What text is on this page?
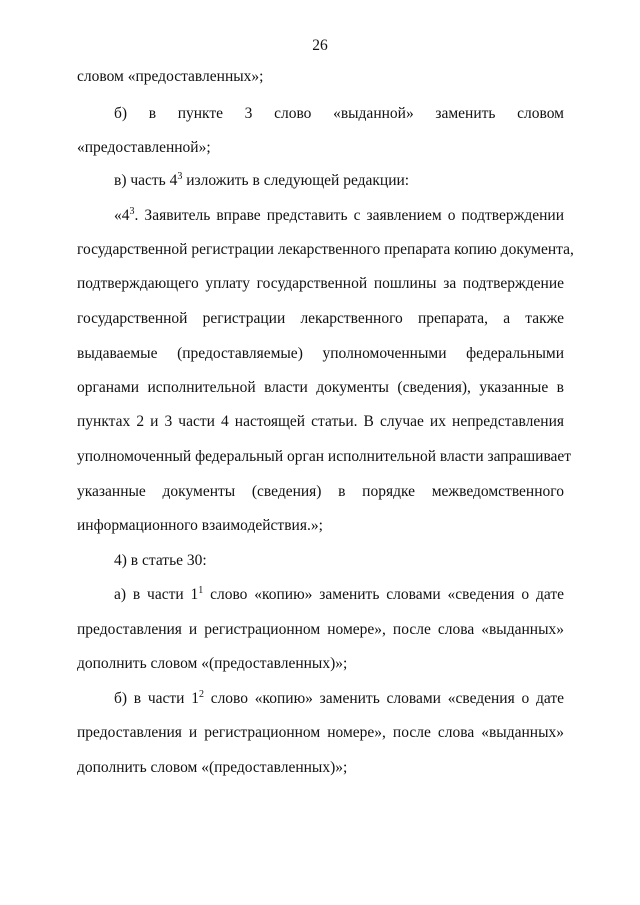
26
словом «предоставленных»;
б) в пункте 3 слово «выданной» заменить словом
«предоставленной»;
в) часть $4^3$ изложить в следующей редакции:
«$4^3$. Заявитель вправе представить с заявлением о подтверждении
государственной регистрации лекарственного препарата копию документа,
подтверждающего уплату государственной пошлины за подтверждение
государственной регистрации лекарственного препарата, а также
выдаваемые (предоставляемые) уполномоченными федеральными
органами исполнительной власти документы (сведения), указанные в
пунктах 2 и 3 части 4 настоящей статьи. В случае их непредставления
уполномоченный федеральный орган исполнительной власти запрашивает
указанные документы (сведения) в порядке межведомственного
информационного взаимодействия.»;
4) в статье 30:
а) в части $1^1$ слово «копию» заменить словами «сведения о дате
предоставления и регистрационном номере», после слова «выданных»
дополнить словом «(предоставленных)»;
б) в части $1^2$ слово «копию» заменить словами «сведения о дате
предоставления и регистрационном номере», после слова «выданных»
дополнить словом «(предоставленных)»;
